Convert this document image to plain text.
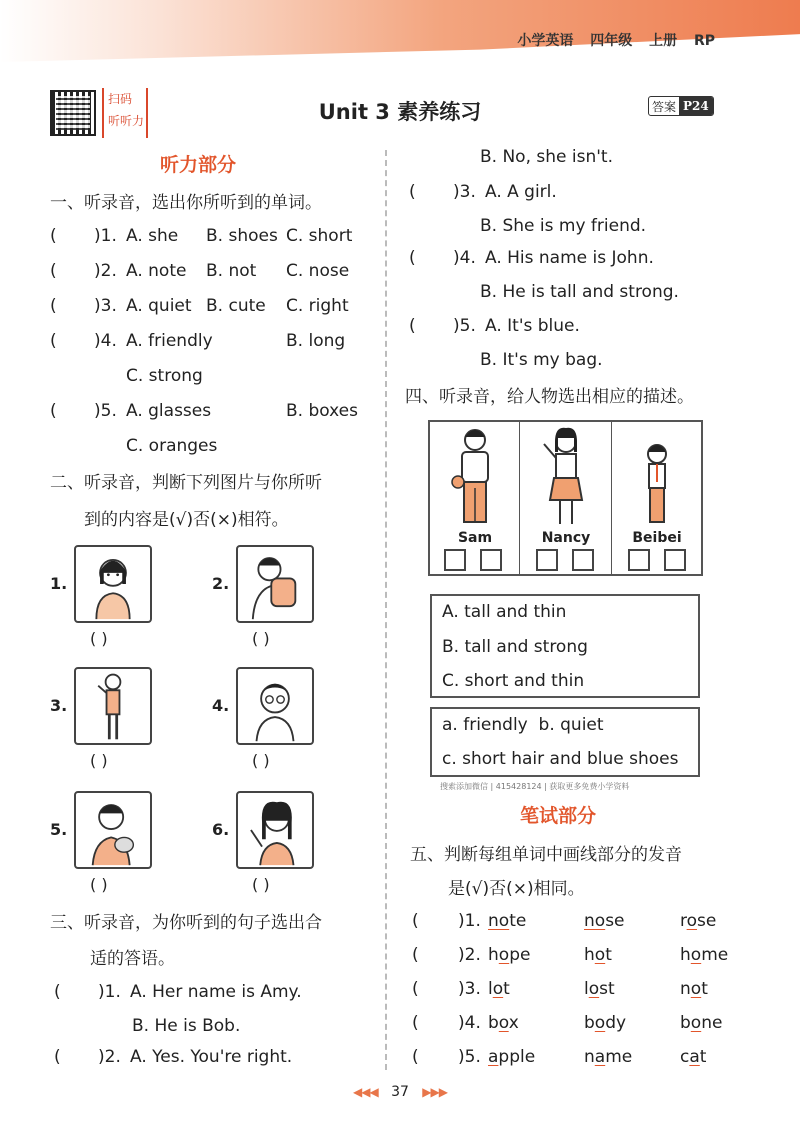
小学英语 四年级 上册 RP
扫码
听听力	Unit 3 素养练习	答案 P24
听力部分
一、听录音，选出你所听到的单词。
( )1. A. she B. shoes C. short
( )2. A. note B. not C. nose
( )3. A. quiet B. cute C. right
( )4. A. friendly	B. long
C. strong
( )5. A. glasses	B. boxes
C. oranges
二、听录音，判断下列图片与你所听
到的内容是(√)否(×)相符。
1.
( )
2.
( )
3.
( )
4.
( )
5.
( )
6.
( )
三、听录音，为你听到的句子选出合
适的答语。
( )1. A. Her name is Amy.
B. He is Bob.
( )2. A. Yes. You're right.
B. No, she isn't.
( )3. A. A girl.
B. She is my friend.
( )4. A. His name is John.
B. He is tall and strong.
( )5. A. It's blue.
B. It's my bag.
四、听录音，给人物选出相应的描述。
Sam	Nancy	Beibei
A. tall and thin
B. tall and strong
C. short and thin
a. friendly  b. quiet
c. short hair and blue shoes
搜索添加微信 | 415428124 | 获取更多免费小学资料
笔试部分
五、判断每组单词中画线部分的发音
是(√)否(×)相同。
( )1. note	nose	rose
( )2. hope	hot	home
( )3. lot	lost	not
( )4. box	body	bone
( )5. apple	name	cat
◀◀◀ 37 ▶▶▶
